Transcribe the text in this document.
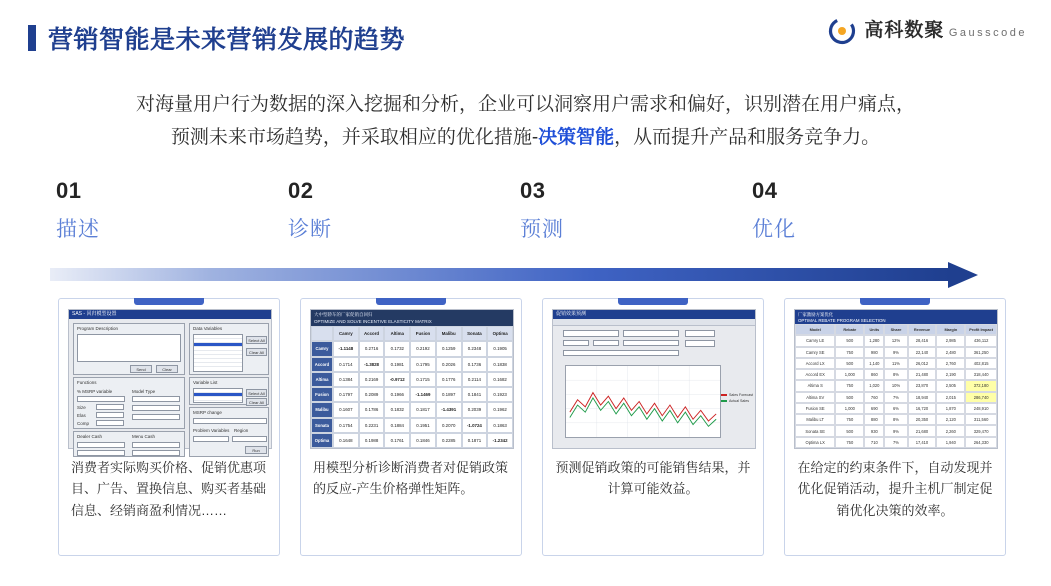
营销智能是未来营销发展的趋势	高科数聚 Gausscode
对海量用户行为数据的深入挖掘和分析，企业可以洞察用户需求和偏好，识别潜在用户痛点，
预测未来市场趋势，并采取相应的优化措施-决策智能，从而提升产品和服务竞争力。
01
描述
02
诊断
03
预测
04
优化
SAS - 回归模型设置
Program Description
Send	Clear
Data Variables
Select All
Clear All
Functions
% MSRP variable
Size
Elas
Comp
Model Type
Variable List
Select All
Clear All
Dealer Cash	Menu Cash
MSRP change
Problem Variables Region
Run
消费者实际购买价格、促销优惠项目、广告、置换信息、购买者基础信息、经销商盈利情况……
大中型轿车的厂家促销自回归
OPTIMIZE AND SOLVE INCENTIVE ELASTICITY MATRIX
Camry	Accord	Altima	Fusion	Malibu	Sonata	Optima
Camry	-1.1148	0.2716	0.1732	0.2192	0.1259	0.2348	0.1905
Accord	0.1714	-1.3828	0.1981	0.1795	0.2026	0.1736	0.1838
Altima	0.1384	0.2169	-0.9712	0.1715	0.1776	0.2114	0.1682
Fusion	0.1797	0.2089	0.1966	-1.1469	0.1897	0.1841	0.1923
Malibu	0.1607	0.1786	0.1832	0.1817	-1.4391	0.2039	0.1962
Sonata	0.1754	0.2231	0.1884	0.1951	0.2070	-1.0724	0.1863
Optima	0.1648	0.1988	0.1761	0.1846	0.2285	0.1871	-1.2342
用模型分析诊断消费者对促销政策的反应-产生价格弹性矩阵。
促销效果预测
Sales Forecast
Actual Sales
预测促销政策的可能销售结果，并计算可能效益。
厂家激励方案优化
OPTIMAL REBATE PROGRAM SELECTION
Model	Rebate	Units	Share	Revenue	Margin	Profit Impact
Camry LE	500	1,280	12%	28,416	2,985	436,112
Camry SE	750	980	9%	22,140	2,480	361,250
Accord LX	500	1,140	11%	26,012	2,760	402,815
Accord EX	1,000	860	8%	21,480	2,190	318,440
Altima S	750	1,020	10%	23,870	2,505	372,180
Altima SV	500	760	7%	18,940	2,015	286,740
Fusion SE	1,000	690	6%	16,720	1,870	248,910
Malibu LT	750	880	8%	20,350	2,120	311,560
Sonata SE	500	930	9%	21,680	2,260	329,470
Optima LX	750	710	7%	17,410	1,940	264,330
在给定的约束条件下，自动发现并优化促销活动，提升主机厂制定促销优化决策的效率。
